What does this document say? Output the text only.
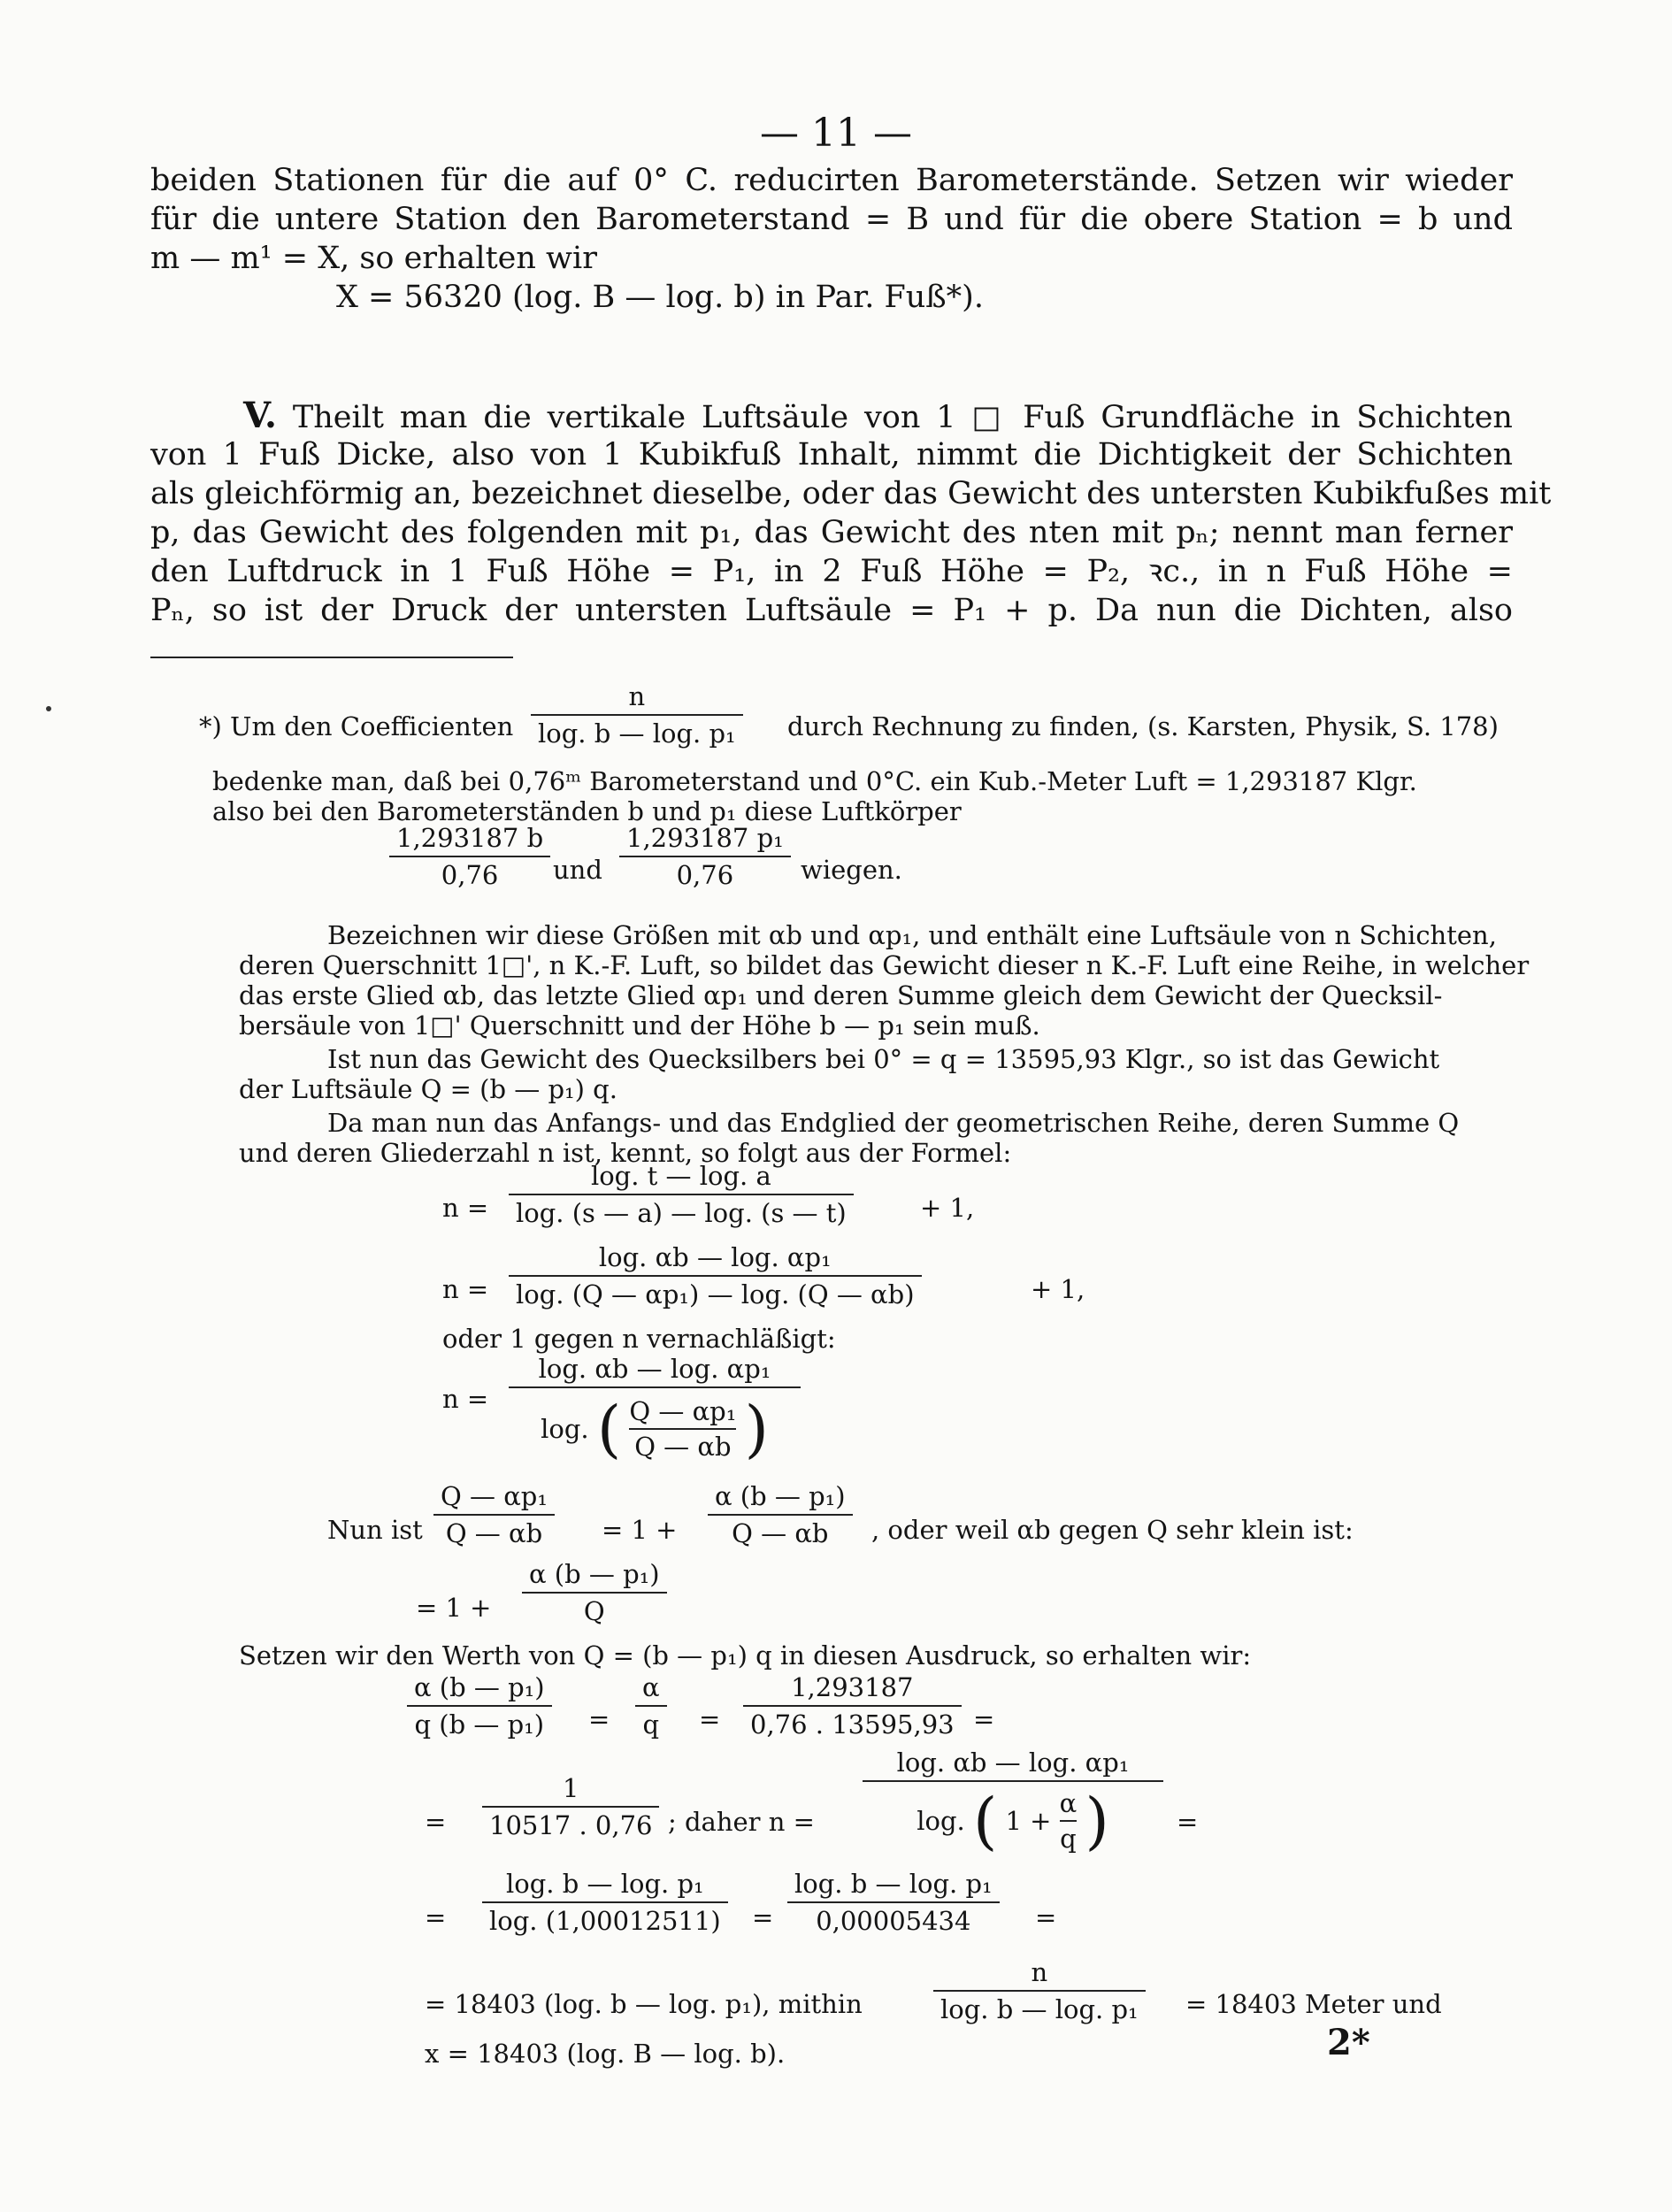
— 11 —
beiden Stationen für die auf 0° C. reducirten Barometerstände. Setzen wir wieder
für die untere Station den Barometerstand = B und für die obere Station = b und
m — m¹ = X, so erhalten wir
X = 56320 (log. B — log. b) in Par. Fuß*).
V. Theilt man die vertikale Luftsäule von 1 □ Fuß Grundfläche in Schichten
von 1 Fuß Dicke, also von 1 Kubikfuß Inhalt, nimmt die Dichtigkeit der Schichten
als gleichförmig an, bezeichnet dieselbe, oder das Gewicht des untersten Kubikfußes mit
p, das Gewicht des folgenden mit p₁, das Gewicht des nten mit pₙ; nennt man ferner
den Luftdruck in 1 Fuß Höhe = P₁, in 2 Fuß Höhe = P₂, ꝛc., in n Fuß Höhe =
Pₙ, so ist der Druck der untersten Luftsäule = P₁ + p. Da nun die Dichten, also
*) Um den Coefficienten
n
log. b — log. p₁ durch Rechnung zu finden, (s. Karsten, Physik, S. 178)
bedenke man, daß bei 0,76ᵐ Barometerstand und 0°C. ein Kub.-Meter Luft = 1,293187 Klgr.
also bei den Barometerständen b und p₁ diese Luftkörper
1,293187 b
0,76	und
1,293187 p₁
0,76	wiegen.
Bezeichnen wir diese Größen mit αb und αp₁, und enthält eine Luftsäule von n Schichten,
deren Querschnitt 1□', n K.-F. Luft, so bildet das Gewicht dieser n K.-F. Luft eine Reihe, in welcher
das erste Glied αb, das letzte Glied αp₁ und deren Summe gleich dem Gewicht der Quecksil-
bersäule von 1□' Querschnitt und der Höhe b — p₁ sein muß.
Ist nun das Gewicht des Quecksilbers bei 0° = q = 13595,93 Klgr., so ist das Gewicht
der Luftsäule Q = (b — p₁) q.
Da man nun das Anfangs- und das Endglied der geometrischen Reihe, deren Summe Q
und deren Gliederzahl n ist, kennt, so folgt aus der Formel:
n =
log. t — log. a
log. (s — a) — log. (s — t)	+ 1,
n =
log. αb — log. αp₁
log. (Q — αp₁) — log. (Q — αb)	+ 1,
oder 1 gegen n vernachläßigt:
n =
log. αb — log. αp₁
log. ( $\frac{\text{Q — αp₁}}{Q — \alpha b}$ )
Nun ist
Q — αp₁
Q — αb	= 1 +
α (b — p₁)
Q — αb	, oder weil αb gegen Q sehr klein ist:
= 1 +
α (b — p₁)
Q
Setzen wir den Werth von Q = (b — p₁) q in diesen Ausdruck, so erhalten wir:
α (b — p₁)
q (b — p₁) =
α
q =
1,293187
0,76 . 13595,93 =
=
1
10517 . 0,76 ; daher n =
log. αb — log. αp₁
log. ( $1 + \frac{\alpha}{q}$ )	=
=
log. b — log. p₁
log. (1,00012511) =
log. b — log. p₁
0,00005434	=
= 18403 (log. b — log. p₁), mithin
n
log. b — log. p₁ = 18403 Meter und
x = 18403 (log. B — log. b).	2*
